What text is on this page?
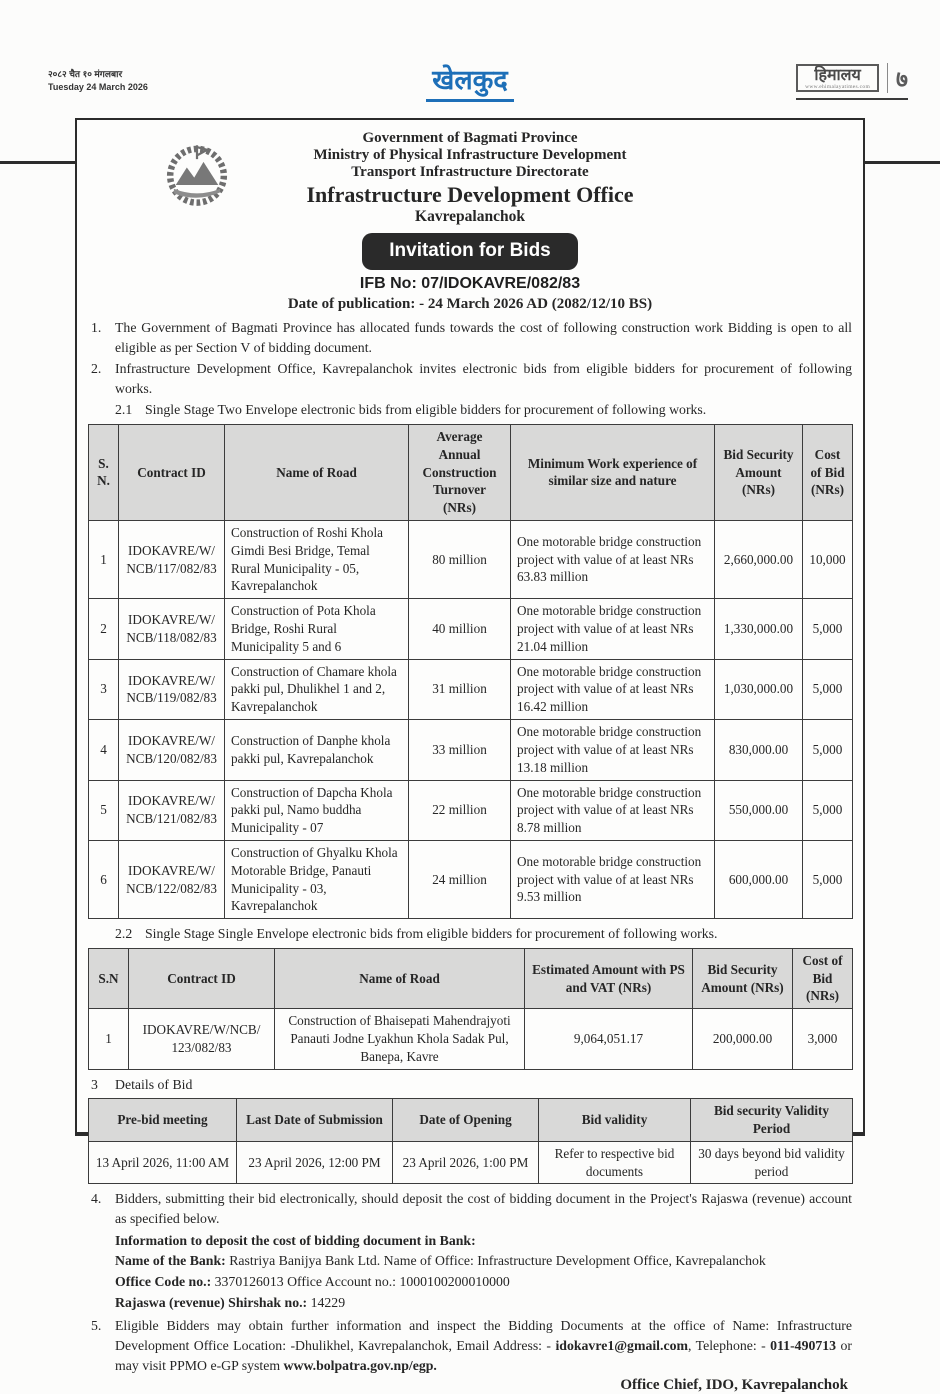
२०८२ चैत १० मंगलबार
Tuesday 24 March 2026	खेलकुद	हिमालय
www.ehimalayatimes.com ७
Government of Bagmati Province
Ministry of Physical Infrastructure Development
Transport Infrastructure Directorate
Infrastructure Development Office
Kavrepalanchok
Invitation for Bids
IFB No: 07/IDOKAVRE/082/83
Date of publication: - 24 March 2026 AD (2082/12/10 BS)
1. The Government of Bagmati Province has allocated funds towards the cost of following construction work Bidding is open to all eligible as per Section V of bidding document.
2. Infrastructure Development Office, Kavrepalanchok invites electronic bids from eligible bidders for procurement of following works.
2.1 Single Stage Two Envelope electronic bids from eligible bidders for procurement of following works.
S. N.	Contract ID	Name of Road	Average Annual Construction Turnover (NRs)	Minimum Work experience of similar size and nature	Bid Security Amount (NRs)	Cost of Bid (NRs)
1	IDOKAVRE/W/ NCB/117/082/83	Construction of Roshi Khola Gimdi Besi Bridge, Temal Rural Municipality - 05, Kavrepalanchok	80 million	One motorable bridge construction project with value of at least NRs 63.83 million	2,660,000.00	10,000
2	IDOKAVRE/W/ NCB/118/082/83	Construction of Pota Khola Bridge, Roshi Rural Municipality 5 and 6	40 million	One motorable bridge construction project with value of at least NRs 21.04 million	1,330,000.00	5,000
3	IDOKAVRE/W/ NCB/119/082/83	Construction of Chamare khola pakki pul, Dhulikhel 1 and 2, Kavrepalanchok	31 million	One motorable bridge construction project with value of at least NRs 16.42 million	1,030,000.00	5,000
4	IDOKAVRE/W/ NCB/120/082/83	Construction of Danphe khola pakki pul, Kavrepalanchok	33 million	One motorable bridge construction project with value of at least NRs 13.18 million	830,000.00	5,000
5	IDOKAVRE/W/ NCB/121/082/83	Construction of Dapcha Khola pakki pul, Namo buddha Municipality - 07	22 million	One motorable bridge construction project with value of at least NRs 8.78 million	550,000.00	5,000
6	IDOKAVRE/W/ NCB/122/082/83	Construction of Ghyalku Khola Motorable Bridge, Panauti Municipality - 03, Kavrepalanchok	24 million	One motorable bridge construction project with value of at least NRs 9.53 million	600,000.00	5,000
2.2 Single Stage Single Envelope electronic bids from eligible bidders for procurement of following works.
S.N	Contract ID	Name of Road	Estimated Amount with PS and VAT (NRs)	Bid Security Amount (NRs)	Cost of Bid (NRs)
1	IDOKAVRE/W/NCB/ 123/082/83	Construction of Bhaisepati Mahendrajyoti Panauti Jodne Lyakhun Khola Sadak Pul, Banepa, Kavre	9,064,051.17	200,000.00	3,000
3	Details of Bid
Pre-bid meeting	Last Date of Submission	Date of Opening	Bid validity	Bid security Validity Period
13 April 2026, 11:00 AM	23 April 2026, 12:00 PM	23 April 2026, 1:00 PM	Refer to respective bid documents	30 days beyond bid validity period
4. Bidders, submitting their bid electronically, should deposit the cost of bidding document in the Project's Rajaswa (revenue) account as specified below.
Information to deposit the cost of bidding document in Bank:
Name of the Bank: Rastriya Banijya Bank Ltd. Name of Office: Infrastructure Development Office, Kavrepalanchok
Office Code no.: 3370126013 Office Account no.: 1000100200010000
Rajaswa (revenue) Shirshak no.: 14229
5. Eligible Bidders may obtain further information and inspect the Bidding Documents at the office of Name: Infrastructure Development Office Location: -Dhulikhel, Kavrepalanchok, Email Address: - idokavre1@gmail.com, Telephone: - 011-490713 or may visit PPMO e-GP system www.bolpatra.gov.np/egp.
Office Chief, IDO, Kavrepalanchok
